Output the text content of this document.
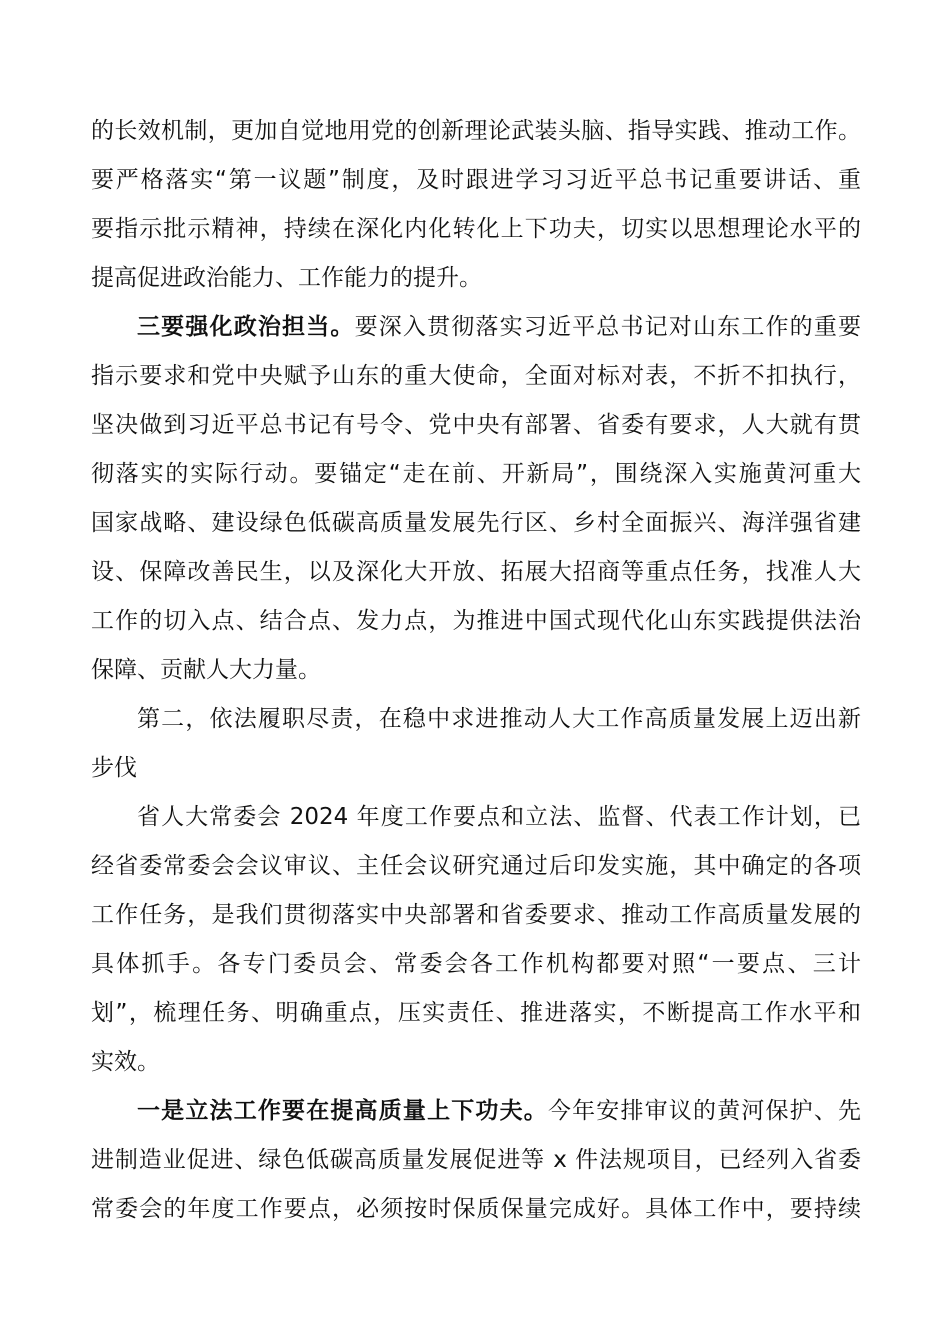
的长效机制，更加自觉地用党的创新理论武装头脑、指导实践、推动工作。
要严格落实“第一议题”制度，及时跟进学习习近平总书记重要讲话、重
要指示批示精神，持续在深化内化转化上下功夫，切实以思想理论水平的
提高促进政治能力、工作能力的提升。
三要强化政治担当。要深入贯彻落实习近平总书记对山东工作的重要
指示要求和党中央赋予山东的重大使命，全面对标对表，不折不扣执行，
坚决做到习近平总书记有号令、党中央有部署、省委有要求，人大就有贯
彻落实的实际行动。要锚定“走在前、开新局”，围绕深入实施黄河重大
国家战略、建设绿色低碳高质量发展先行区、乡村全面振兴、海洋强省建
设、保障改善民生，以及深化大开放、拓展大招商等重点任务，找准人大
工作的切入点、结合点、发力点，为推进中国式现代化山东实践提供法治
保障、贡献人大力量。
第二，依法履职尽责，在稳中求进推动人大工作高质量发展上迈出新
步伐
省人大常委会 2024 年度工作要点和立法、监督、代表工作计划，已
经省委常委会会议审议、主任会议研究通过后印发实施，其中确定的各项
工作任务，是我们贯彻落实中央部署和省委要求、推动工作高质量发展的
具体抓手。各专门委员会、常委会各工作机构都要对照“一要点、三计
划”，梳理任务、明确重点，压实责任、推进落实，不断提高工作水平和
实效。
一是立法工作要在提高质量上下功夫。今年安排审议的黄河保护、先
进制造业促进、绿色低碳高质量发展促进等 x 件法规项目，已经列入省委
常委会的年度工作要点，必须按时保质保量完成好。具体工作中，要持续
